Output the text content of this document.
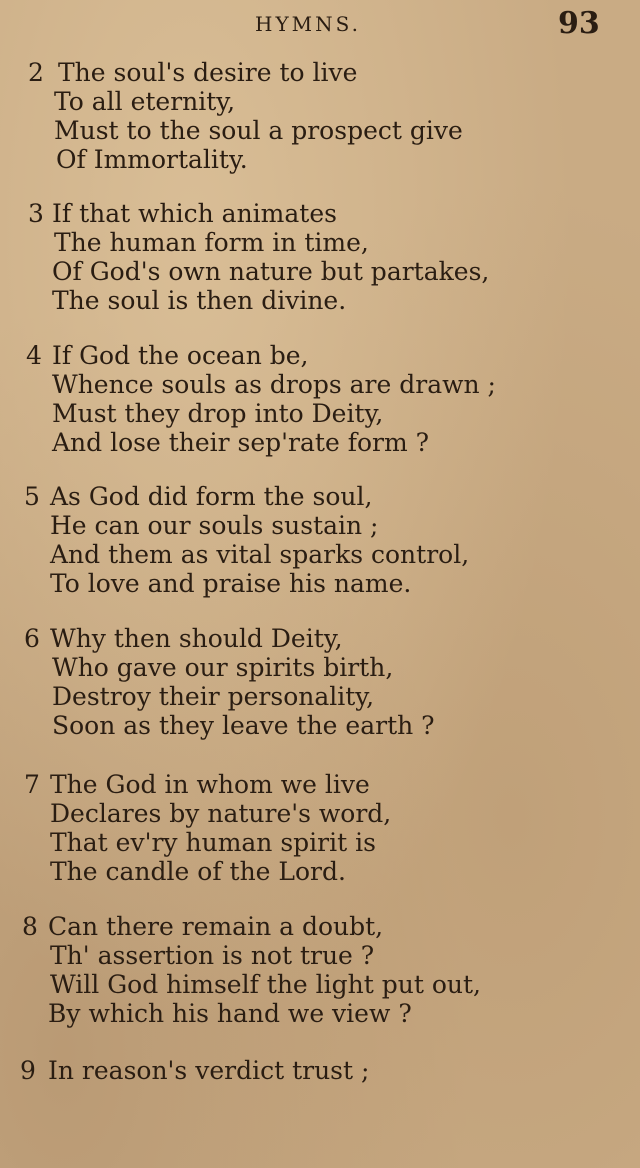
HYMNS.	93
2 The soul's desire to live
To all eternity,
Must to the soul a prospect give
Of Immortality.
3 If that which animates
The human form in time,
Of God's own nature but partakes,
The soul is then divine.
4 If God the ocean be,
Whence souls as drops are drawn ;
Must they drop into Deity,
And lose their sep'rate form ?
5 As God did form the soul,
He can our souls sustain ;
And them as vital sparks control,
To love and praise his name.
6 Why then should Deity,
Who gave our spirits birth,
Destroy their personality,
Soon as they leave the earth ?
7 The God in whom we live
Declares by nature's word,
That ev'ry human spirit is
The candle of the Lord.
8 Can there remain a doubt,
Th' assertion is not true ?
Will God himself the light put out,
By which his hand we view ?
9 In reason's verdict trust ;
